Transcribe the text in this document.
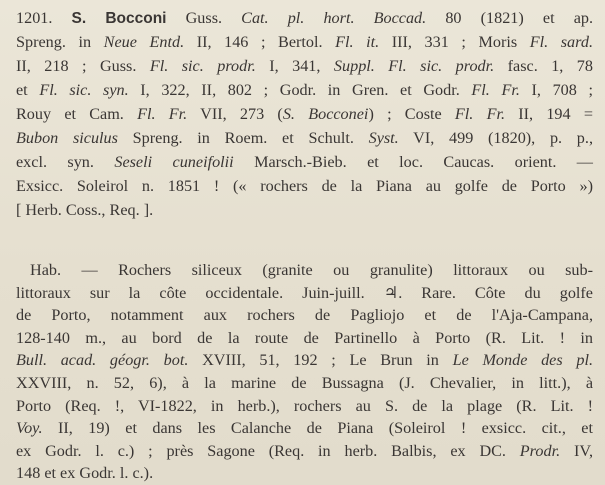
1201. S. Bocconi Guss. Cat. pl. hort. Boccad. 80 (1821) et ap.
Spreng. in Neue Entd. II, 146 ; Bertol. Fl. it. III, 331 ; Moris Fl. sard.
II, 218 ; Guss. Fl. sic. prodr. I, 341, Suppl. Fl. sic. prodr. fasc. 1, 78
et Fl. sic. syn. I, 322, II, 802 ; Godr. in Gren. et Godr. Fl. Fr. I, 708 ;
Rouy et Cam. Fl. Fr. VII, 273 (S. Bocconei) ; Coste Fl. Fr. II, 194 =
Bubon siculus Spreng. in Roem. et Schult. Syst. VI, 499 (1820), p. p.,
excl. syn. Seseli cuneifolii Marsch.-Bieb. et loc. Caucas. orient. —
Exsicc. Soleirol n. 1851 ! (« rochers de la Piana au golfe de Porto »)
[ Herb. Coss., Req. ].
Hab. — Rochers siliceux (granite ou granulite) littoraux ou sub-
littoraux sur la côte occidentale. Juin-juill. ♃. Rare. Côte du golfe
de Porto, notamment aux rochers de Pagliojo et de l'Aja-Campana,
128-140 m., au bord de la route de Partinello à Porto (R. Lit. ! in
Bull. acad. géogr. bot. XVIII, 51, 192 ; Le Brun in Le Monde des pl.
XXVIII, n. 52, 6), à la marine de Bussagna (J. Chevalier, in litt.), à
Porto (Req. !, VI-1822, in herb.), rochers au S. de la plage (R. Lit. !
Voy. II, 19) et dans les Calanche de Piana (Soleirol ! exsicc. cit., et
ex Godr. l. c.) ; près Sagone (Req. in herb. Balbis, ex DC. Prodr. IV,
148 et ex Godr. l. c.).
